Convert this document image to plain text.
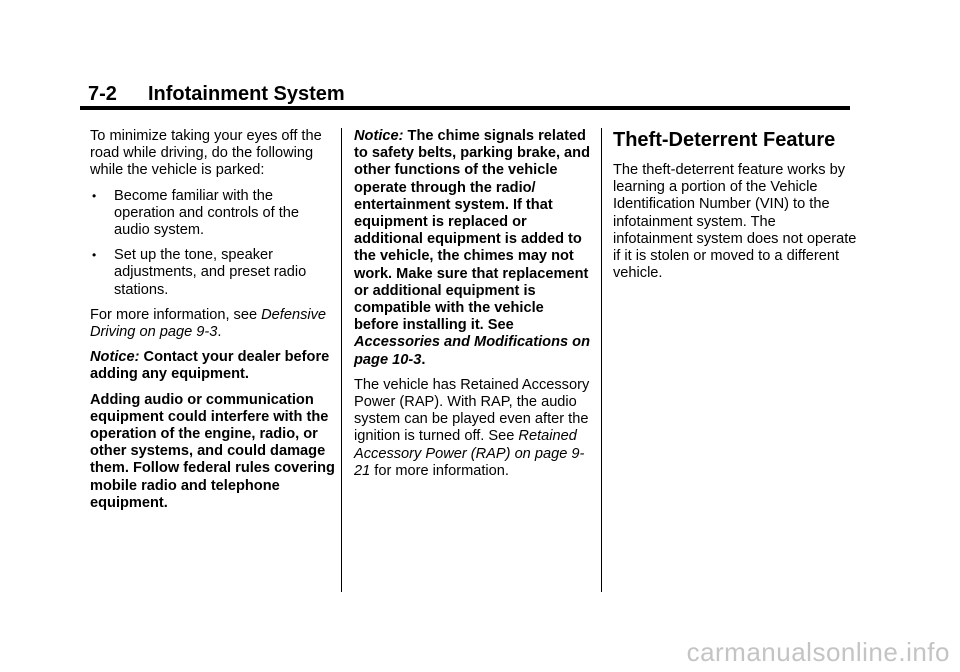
7-2 Infotainment System

To minimize taking your eyes off the road while driving, do the following while the vehicle is parked:

• Become familiar with the operation and controls of the audio system.
• Set up the tone, speaker adjustments, and preset radio stations.

For more information, see Defensive Driving on page 9-3.

Notice: Contact your dealer before adding any equipment.

Adding audio or communication equipment could interfere with the operation of the engine, radio, or other systems, and could damage them. Follow federal rules covering mobile radio and telephone equipment.

Notice: The chime signals related to safety belts, parking brake, and other functions of the vehicle operate through the radio/ entertainment system. If that equipment is replaced or additional equipment is added to the vehicle, the chimes may not work. Make sure that replacement or additional equipment is compatible with the vehicle before installing it. See Accessories and Modifications on page 10-3.

The vehicle has Retained Accessory Power (RAP). With RAP, the audio system can be played even after the ignition is turned off. See Retained Accessory Power (RAP) on page 9-21 for more information.

Theft-Deterrent Feature

The theft-deterrent feature works by learning a portion of the Vehicle Identification Number (VIN) to the infotainment system. The infotainment system does not operate if it is stolen or moved to a different vehicle.

carmanualsonline.info
